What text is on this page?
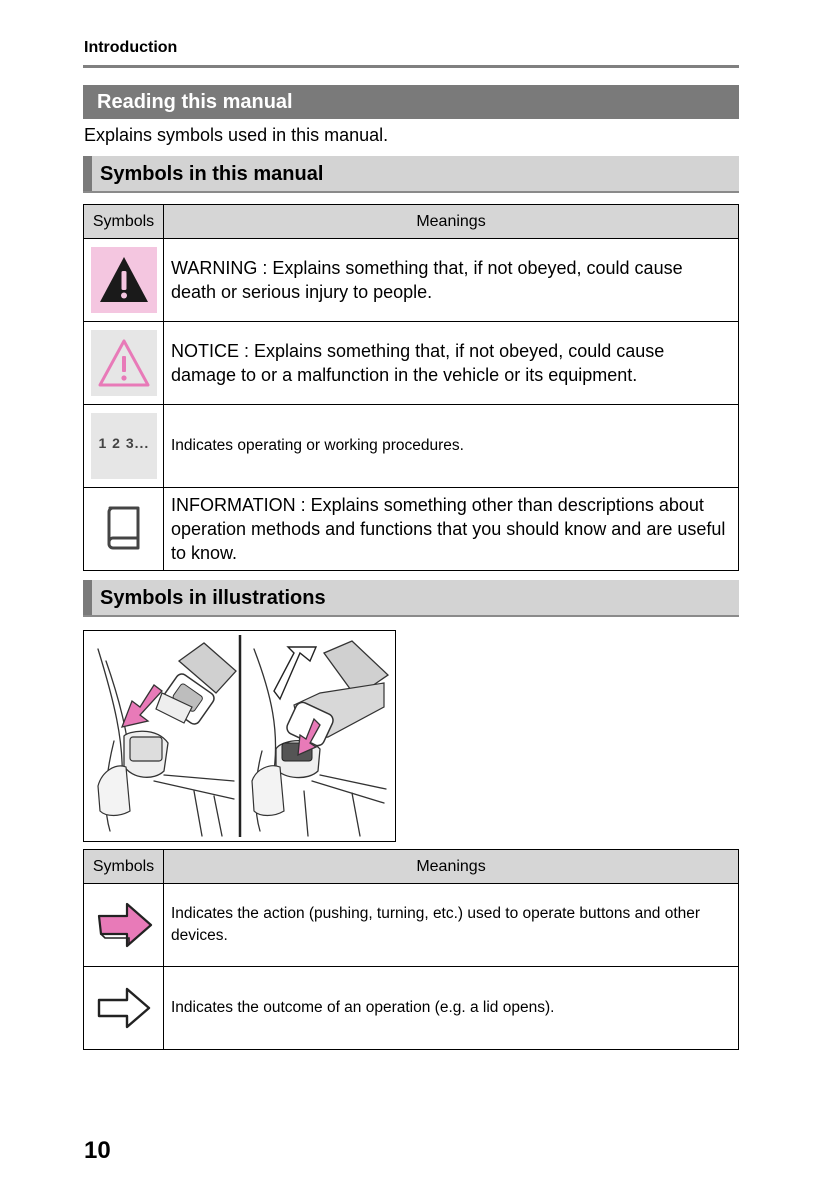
Introduction
Reading this manual
Explains symbols used in this manual.
Symbols in this manual
Symbols	Meanings
	WARNING : Explains something that, if not obeyed, could cause death or serious injury to people.
	NOTICE : Explains something that, if not obeyed, could cause damage to or a malfunction in the vehicle or its equipment.

1 2 3...	Indicates operating or working procedures.
	INFORMATION : Explains something other than descriptions about operation methods and functions that you should know and are useful to know.
Symbols in illustrations
Symbols	Meanings
	Indicates the action (pushing, turning, etc.) used to operate buttons and other devices.
	Indicates the outcome of an operation (e.g. a lid opens).
10
